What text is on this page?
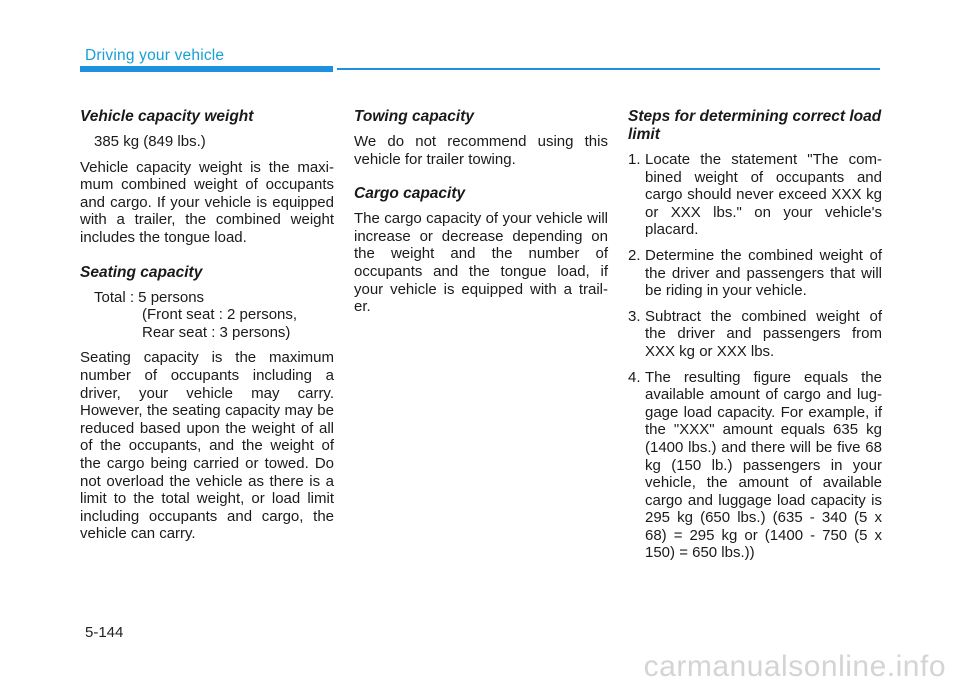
Driving your vehicle
Vehicle capacity weight
385 kg (849 lbs.)

Vehicle capacity weight is the maxi-mum combined weight of occupants and cargo. If your vehicle is equipped with a trailer, the combined weight includes the tongue load.

Seating capacity
Total : 5 persons
(Front seat : 2 persons,
Rear seat : 3 persons)

Seating capacity is the maximum number of occupants including a driver, your vehicle may carry. However, the seating capacity may be reduced based upon the weight of all of the occupants, and the weight of the cargo being carried or towed. Do not overload the vehicle as there is a limit to the total weight, or load limit including occupants and cargo, the vehicle can carry.

Towing capacity

We do not recommend using this vehicle for trailer towing.

Cargo capacity

The cargo capacity of your vehicle will increase or decrease depending on the weight and the number of occupants and the tongue load, if your vehicle is equipped with a trail-er.

Steps for determining correct load limit
1. Locate the statement "The com-bined weight of occupants and cargo should never exceed XXX kg or XXX lbs." on your vehicle's placard.
2. Determine the combined weight of the driver and passengers that will be riding in your vehicle.
3. Subtract the combined weight of the driver and passengers from XXX kg or XXX lbs.
4. The resulting figure equals the available amount of cargo and lug-gage load capacity. For example, if the "XXX" amount equals 635 kg (1400 lbs.) and there will be five 68 kg (150 lb.) passengers in your vehicle, the amount of available cargo and luggage load capacity is 295 kg (650 lbs.) (635 - 340 (5 x 68) = 295 kg or (1400 - 750 (5 x 150) = 650 lbs.))
5-144
carmanualsonline.info
